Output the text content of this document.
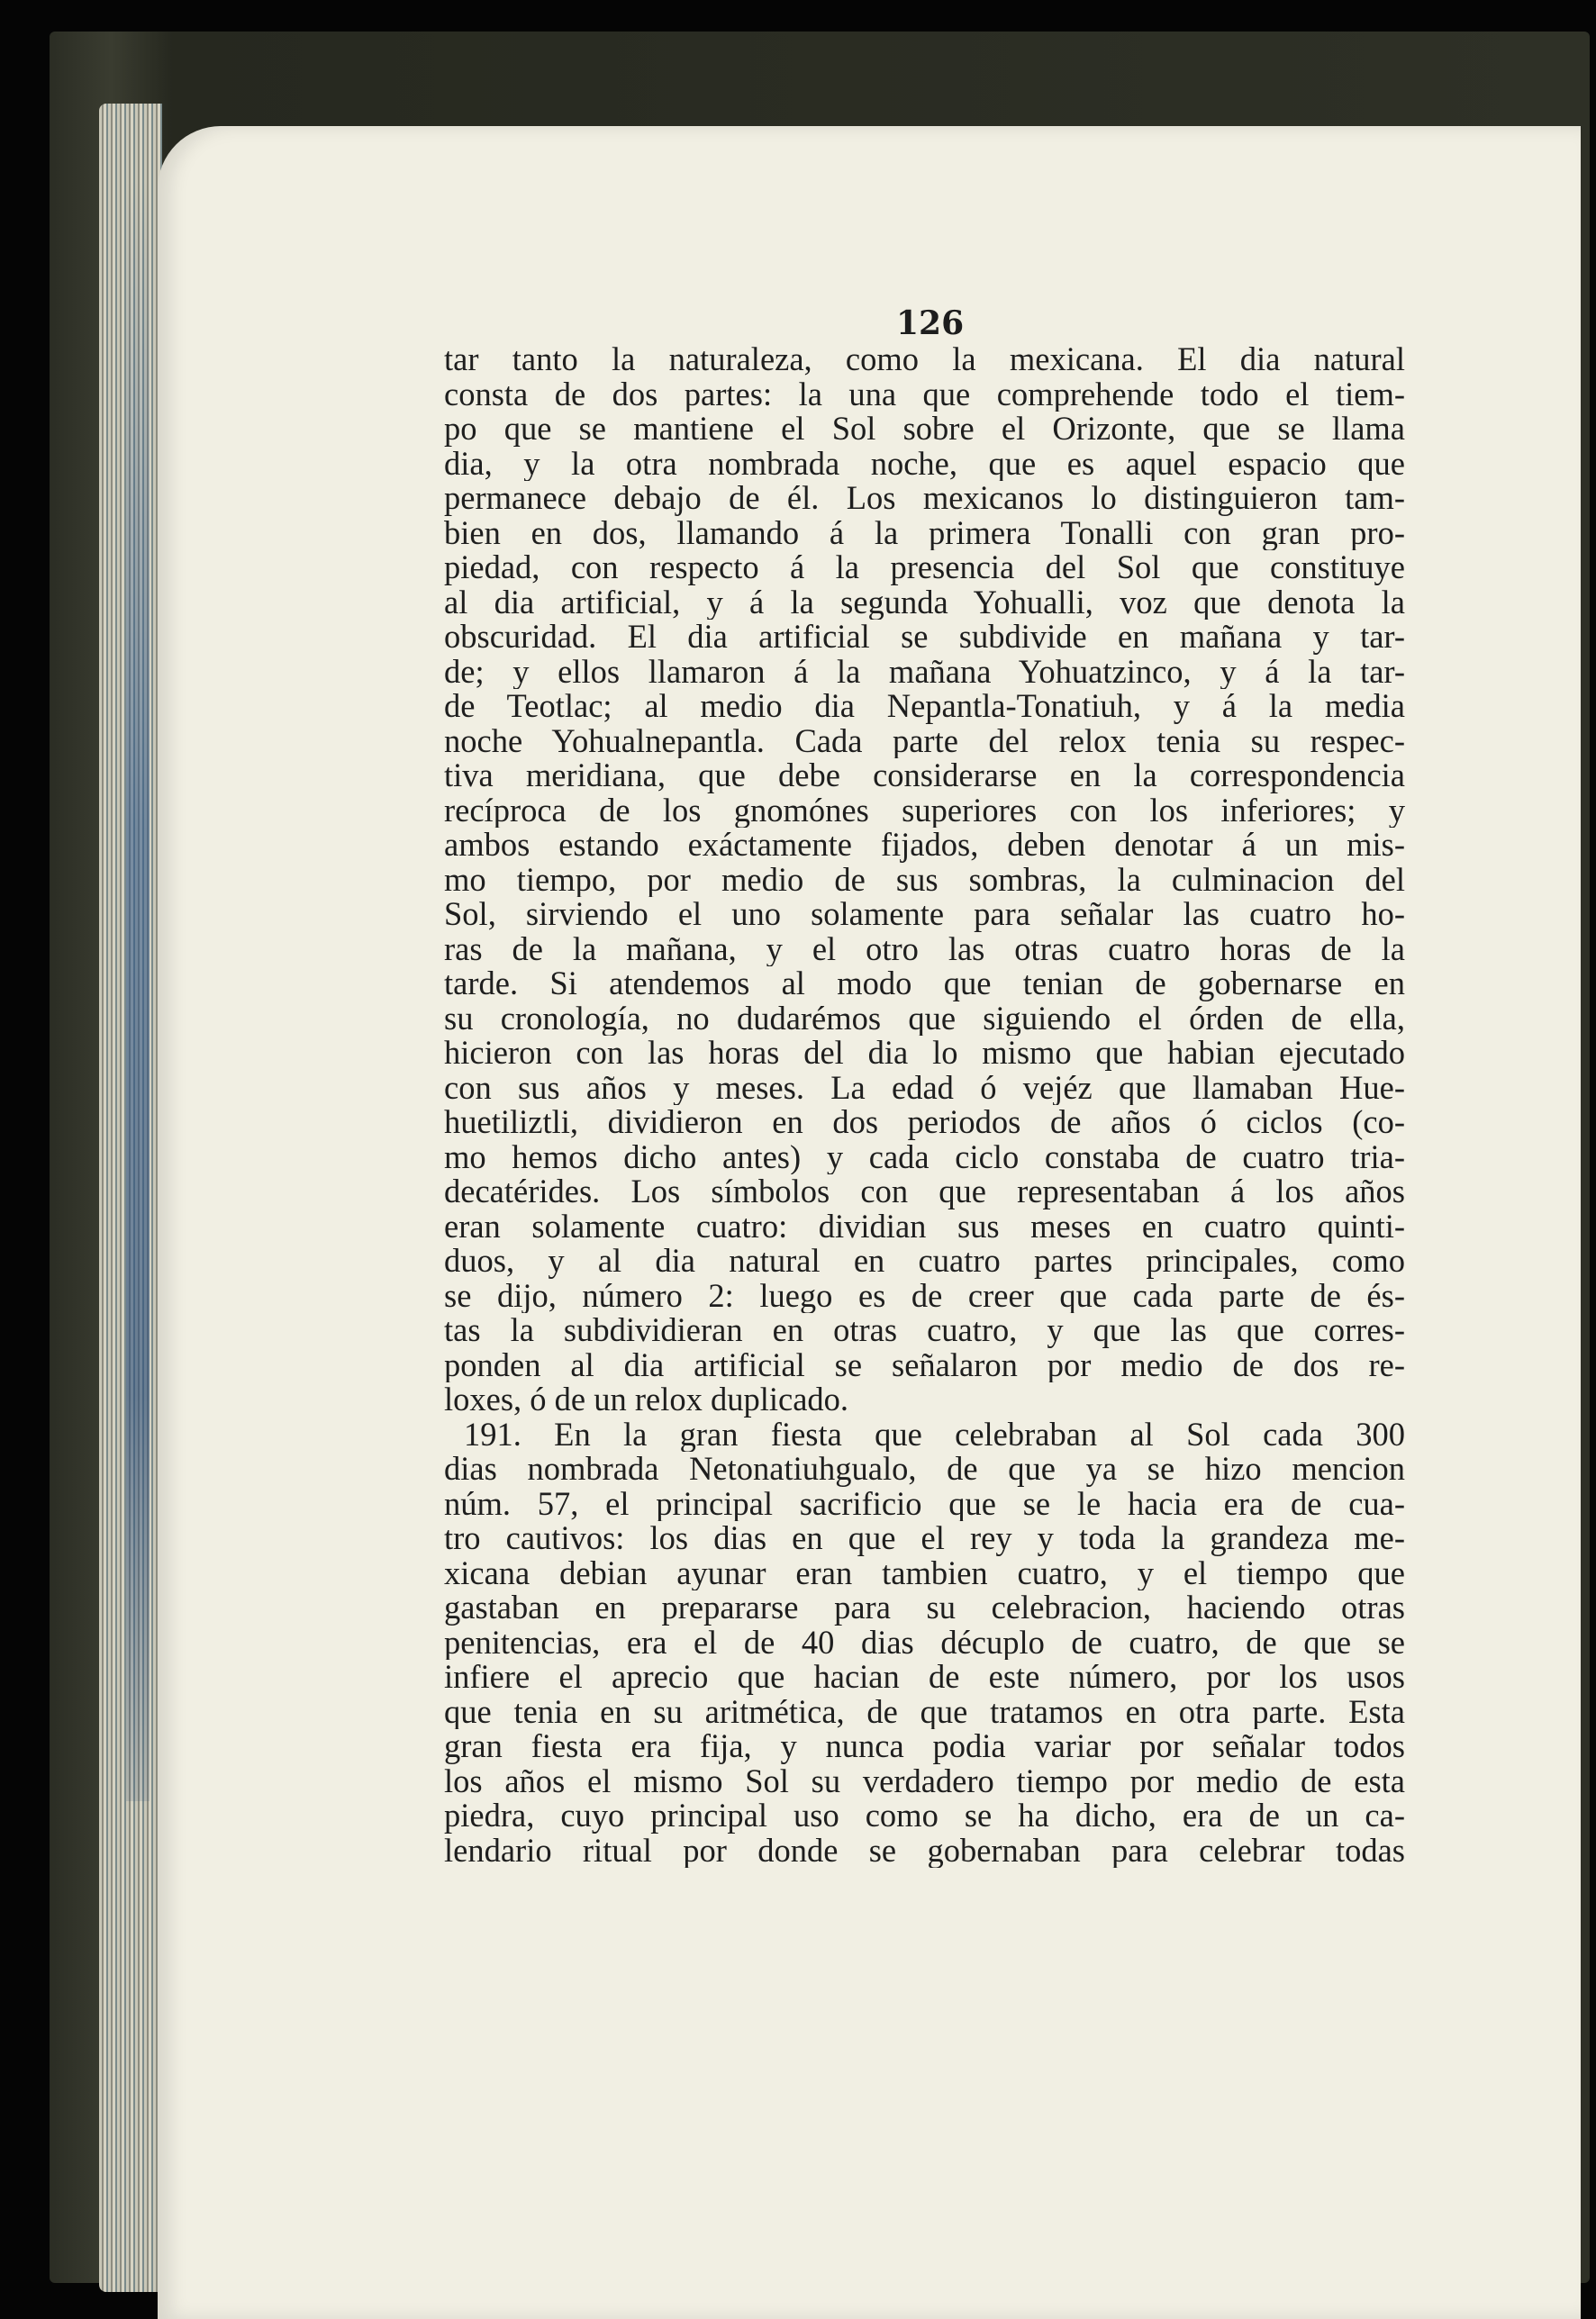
126
tar tanto la naturaleza, como la mexicana. El dia natural
consta de dos partes: la una que comprehende todo el tiem-
po que se mantiene el Sol sobre el Orizonte, que se llama
dia, y la otra nombrada noche, que es aquel espacio que
permanece debajo de él. Los mexicanos lo distinguieron tam-
bien en dos, llamando á la primera Tonalli con gran pro-
piedad, con respecto á la presencia del Sol que constituye
al dia artificial, y á la segunda Yohualli, voz que denota la
obscuridad. El dia artificial se subdivide en mañana y tar-
de; y ellos llamaron á la mañana Yohuatzinco, y á la tar-
de Teotlac; al medio dia Nepantla-Tonatiuh, y á la media
noche Yohualnepantla. Cada parte del relox tenia su respec-
tiva meridiana, que debe considerarse en la correspondencia
recíproca de los gnomónes superiores con los inferiores; y
ambos estando exáctamente fijados, deben denotar á un mis-
mo tiempo, por medio de sus sombras, la culminacion del
Sol, sirviendo el uno solamente para señalar las cuatro ho-
ras de la mañana, y el otro las otras cuatro horas de la
tarde. Si atendemos al modo que tenian de gobernarse en
su cronología, no dudarémos que siguiendo el órden de ella,
hicieron con las horas del dia lo mismo que habian ejecutado
con sus años y meses. La edad ó vejéz que llamaban Hue-
huetiliztli, dividieron en dos periodos de años ó ciclos (co-
mo hemos dicho antes) y cada ciclo constaba de cuatro tria-
decatérides. Los símbolos con que representaban á los años
eran solamente cuatro: dividian sus meses en cuatro quinti-
duos, y al dia natural en cuatro partes principales, como
se dijo, número 2: luego es de creer que cada parte de és-
tas la subdividieran en otras cuatro, y que las que corres-
ponden al dia artificial se señalaron por medio de dos re-
loxes, ó de un relox duplicado.
191. En la gran fiesta que celebraban al Sol cada 300
dias nombrada Netonatiuhgualo, de que ya se hizo mencion
núm. 57, el principal sacrificio que se le hacia era de cua-
tro cautivos: los dias en que el rey y toda la grandeza me-
xicana debian ayunar eran tambien cuatro, y el tiempo que
gastaban en prepararse para su celebracion, haciendo otras
penitencias, era el de 40 dias décuplo de cuatro, de que se
infiere el aprecio que hacian de este número, por los usos
que tenia en su aritmética, de que tratamos en otra parte. Esta
gran fiesta era fija, y nunca podia variar por señalar todos
los años el mismo Sol su verdadero tiempo por medio de esta
piedra, cuyo principal uso como se ha dicho, era de un ca-
lendario ritual por donde se gobernaban para celebrar todas
